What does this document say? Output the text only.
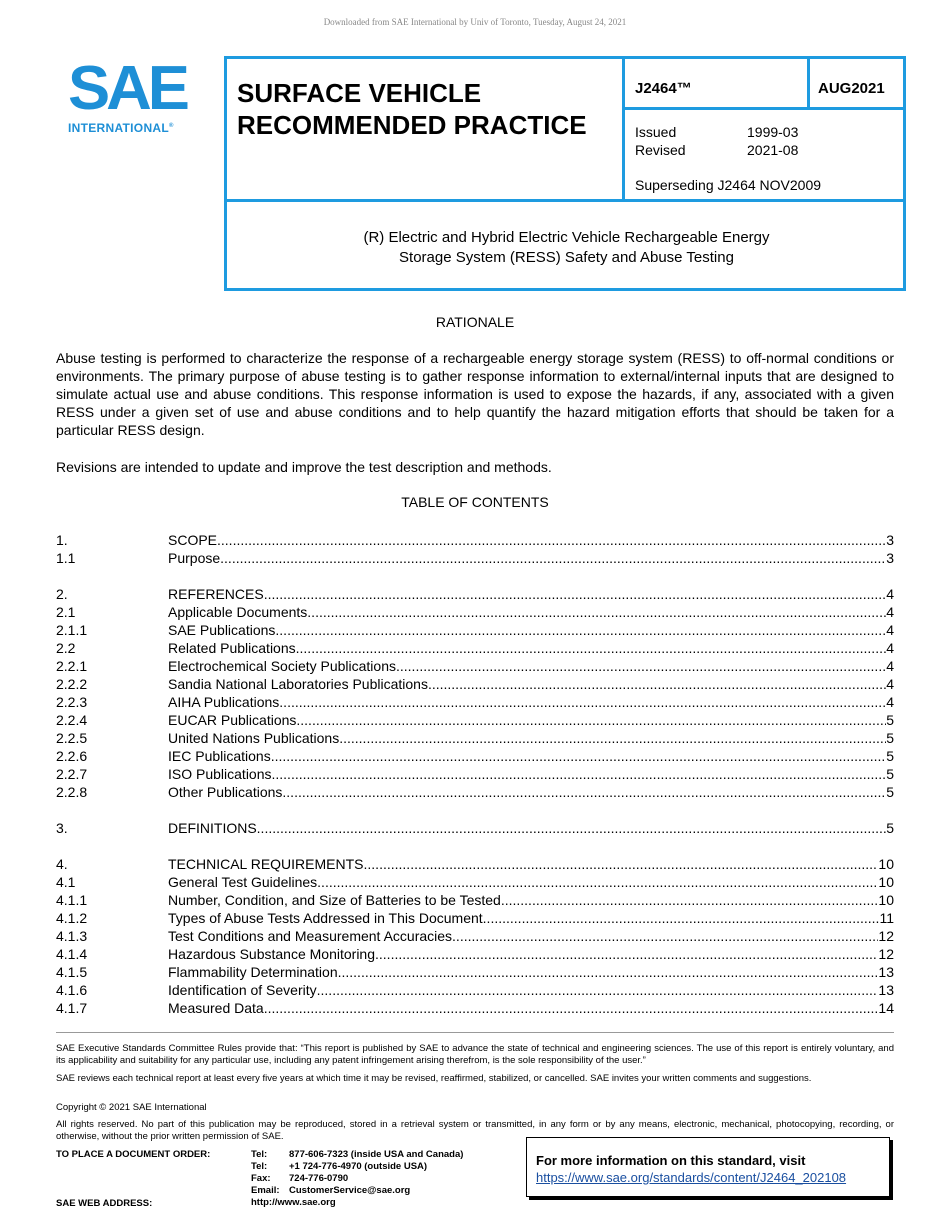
Downloaded from SAE International by Univ of Toronto, Tuesday, August 24, 2021
SAE
INTERNATIONAL®
SURFACE VEHICLE
RECOMMENDED PRACTICE
J2464™	AUG2021
Issued	1999-03
Revised	2021-08
Superseding J2464 NOV2009
(R) Electric and Hybrid Electric Vehicle Rechargeable Energy
Storage System (RESS) Safety and Abuse Testing
RATIONALE
Abuse testing is performed to characterize the response of a rechargeable energy storage system (RESS) to off-normal conditions or environments. The primary purpose of abuse testing is to gather response information to external/internal inputs that are designed to simulate actual use and abuse conditions. This response information is used to expose the hazards, if any, associated with a given RESS under a given set of use and abuse conditions and to help quantify the hazard mitigation efforts that should be taken for a particular RESS design.
Revisions are intended to update and improve the test description and methods.
TABLE OF CONTENTS
1.	SCOPE .....	3
1.1	Purpose .....	3
2.	REFERENCES .....	4
2.1	Applicable Documents .....	4
2.1.1	SAE Publications .....	4
2.2	Related Publications .....	4
2.2.1	Electrochemical Society Publications .....	4
2.2.2	Sandia National Laboratories Publications .....	4
2.2.3	AIHA Publications .....	4
2.2.4	EUCAR Publications .....	5
2.2.5	United Nations Publications .....	5
2.2.6	IEC Publications .....	5
2.2.7	ISO Publications .....	5
2.2.8	Other Publications .....	5
3.	DEFINITIONS .....	5
4.	TECHNICAL REQUIREMENTS .....	10
4.1	General Test Guidelines .....	10
4.1.1	Number, Condition, and Size of Batteries to be Tested .....	10
4.1.2	Types of Abuse Tests Addressed in This Document .....	11
4.1.3	Test Conditions and Measurement Accuracies .....	12
4.1.4	Hazardous Substance Monitoring .....	12
4.1.5	Flammability Determination .....	13
4.1.6	Identification of Severity .....	13
4.1.7	Measured Data .....	14
SAE Executive Standards Committee Rules provide that: “This report is published by SAE to advance the state of technical and engineering sciences. The use of this report is entirely voluntary, and its applicability and suitability for any particular use, including any patent infringement arising therefrom, is the sole responsibility of the user.”
SAE reviews each technical report at least every five years at which time it may be revised, reaffirmed, stabilized, or cancelled. SAE invites your written comments and suggestions.
Copyright © 2021 SAE International
All rights reserved. No part of this publication may be reproduced, stored in a retrieval system or transmitted, in any form or by any means, electronic, mechanical, photocopying, recording, or otherwise, without the prior written permission of SAE.
TO PLACE A DOCUMENT ORDER:
SAE WEB ADDRESS:
Tel: 877-606-7323 (inside USA and Canada)
Tel: +1 724-776-4970 (outside USA)
Fax: 724-776-0790
Email: CustomerService@sae.org
http://www.sae.org
For more information on this standard, visit
https://www.sae.org/standards/content/J2464_202108
